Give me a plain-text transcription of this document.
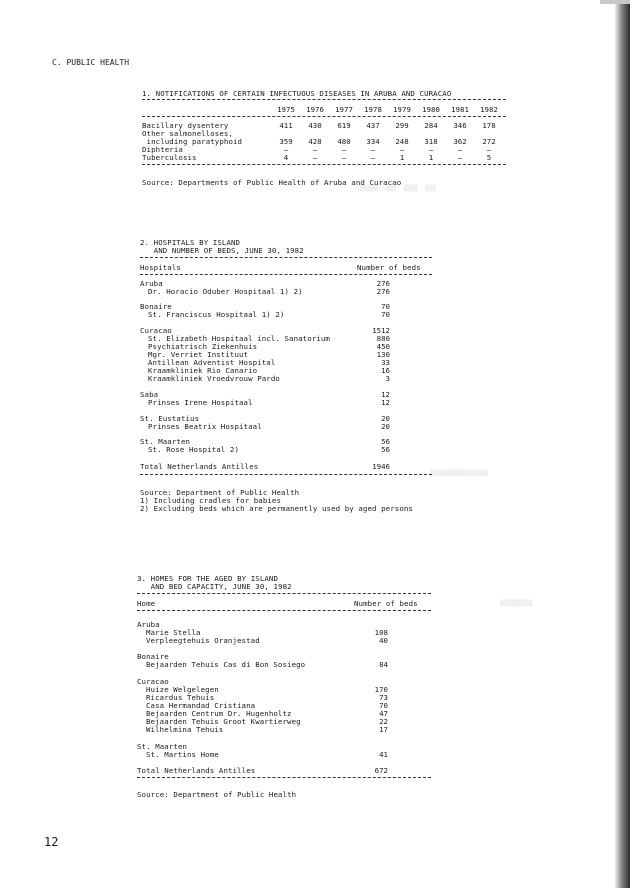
▒▒▒▒▒  ▒▒▒  ▒▒▒▒  ▒▒▒
▒▒▒▒▒▒▒▒▒▒▒▒▒▒▒▒
▒▒▒▒▒▒▒▒▒
C. PUBLIC HEALTH
1. NOTIFICATIONS OF CERTAIN INFECTUOUS DISEASES IN ARUBA AND CURACAO
1975	1976	1977	1978	1979	1980	1981	1982
Bacillary dysentery	411	430	619	437	299	284	346	178
Other salmonelloses,
including paratyphoid	359	428	480	334	248	318	362	272
Diphteria	–	–	–	–	–	–	–	–
Tuberculosis	4	–	–	–	1	1	–	5
Source: Departments of Public Health of Aruba and Curacao
2. HOSPITALS BY ISLAND
AND NUMBER OF BEDS, JUNE 30, 1982
Hospitals	Number of beds
Aruba	276
Dr. Horacio Oduber Hospitaal 1) 2)	276
Bonaire	70
St. Franciscus Hospitaal 1) 2)	70
Curacao	1512
St. Elizabeth Hospitaal incl. Sanatorium	880
Psychiatrisch Ziekenhuis	450
Mgr. Verriet Instituut	130
Antillean Adventist Hospital	33
Kraamkliniek Rio Canario	16
Kraamkliniek Vroedvrouw Pardo	3
Saba	12
Prinses Irene Hospitaal	12
St. Eustatius	20
Prinses Beatrix Hospitaal	20
St. Maarten	56
St. Rose Hospital 2)	56
Total Netherlands Antilles	1946
Source: Department of Public Health
1) Including cradles for babies
2) Excluding beds which are permanently used by aged persons
3. HOMES FOR THE AGED BY ISLAND
AND BED CAPACITY, JUNE 30, 1982
Home	Number of beds
Aruba
Marie Stella	108
Verpleegtehuis Oranjestad	40
Bonaire
Bejaarden Tehuis Cas di Bon Sosiego	84
Curacao
Huize Welgelegen	170
Ricardus Tehuis	73
Casa Hermandad Cristiana	70
Bejaarden Centrum Dr. Hugenholtz	47
Bejaarden Tehuis Groot Kwartierweg	22
Wilhelmina Tehuis	17
St. Maarten
St. Martins Home	41
Total Netherlands Antilles	672
Source: Department of Public Health
12
